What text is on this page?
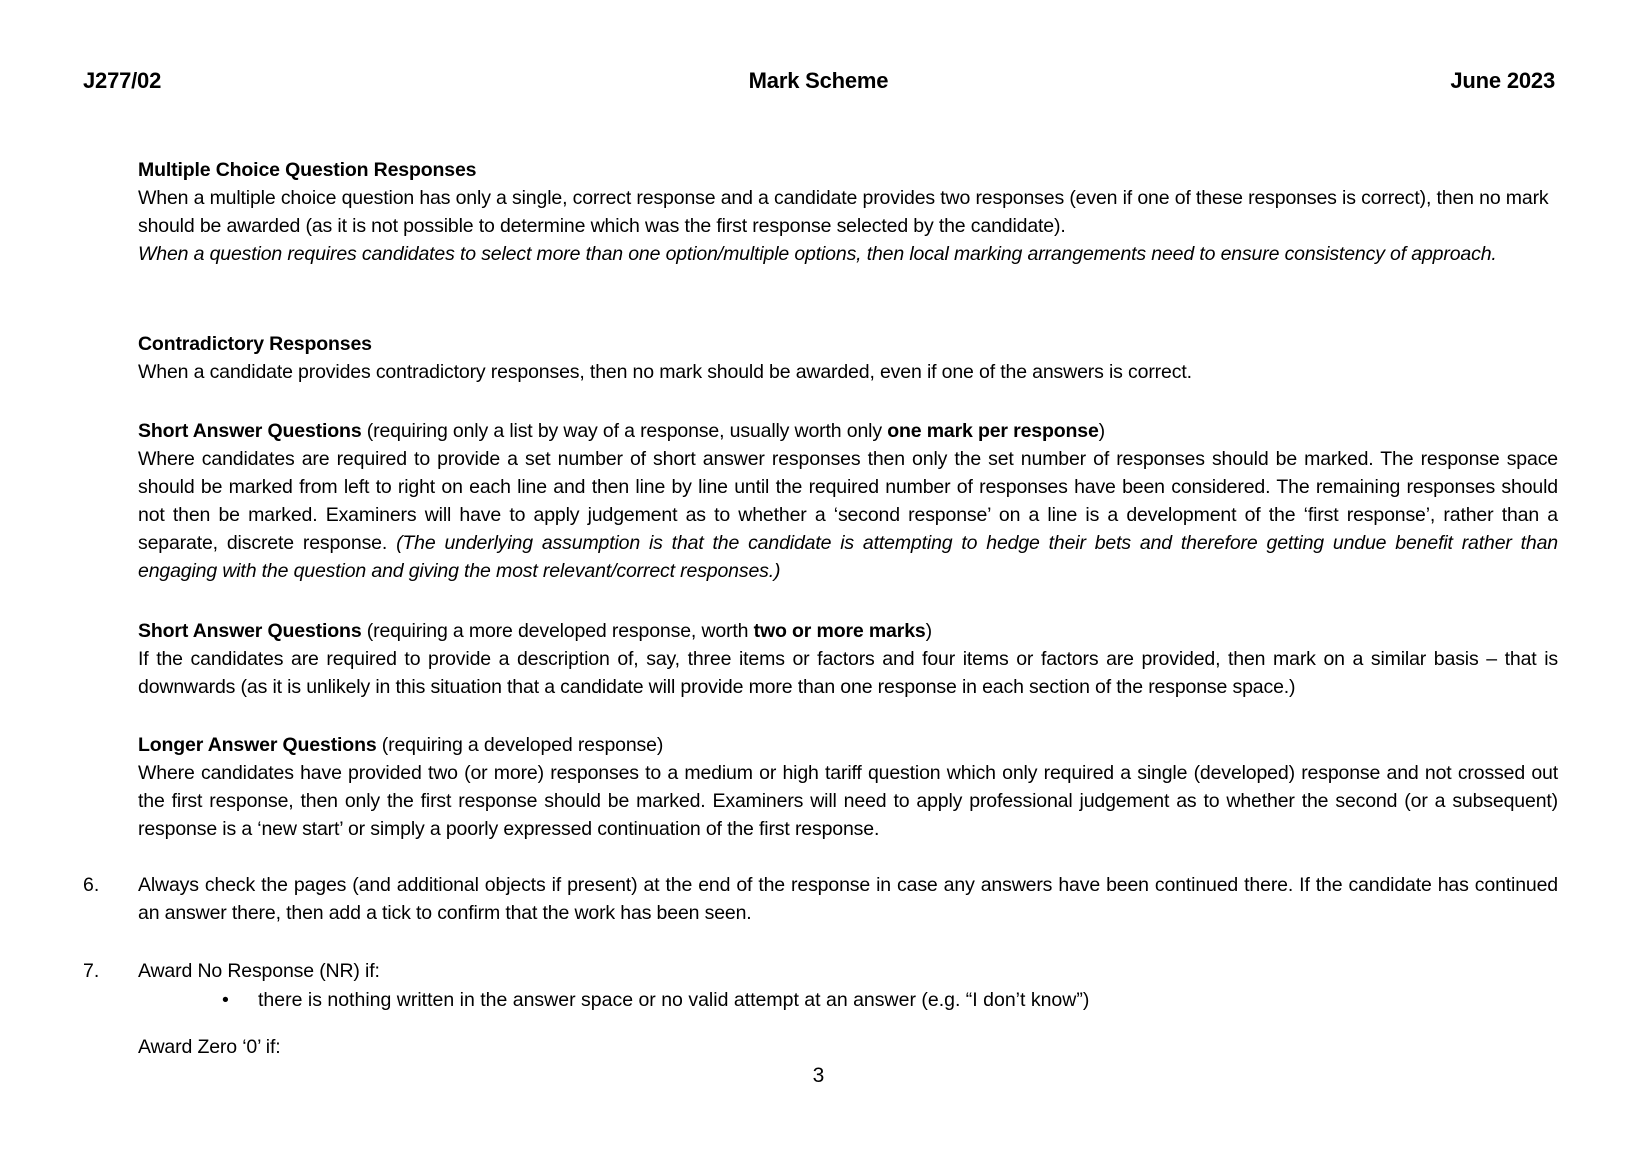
J277/02	Mark Scheme	June 2023

Multiple Choice Question Responses

When a multiple choice question has only a single, correct response and a candidate provides two responses (even if one of these responses is correct), then no mark should be awarded (as it is not possible to determine which was the first response selected by the candidate).

When a question requires candidates to select more than one option/multiple options, then local marking arrangements need to ensure consistency of approach.

Contradictory Responses

When a candidate provides contradictory responses, then no mark should be awarded, even if one of the answers is correct.

Short Answer Questions (requiring only a list by way of a response, usually worth only one mark per response)

Where candidates are required to provide a set number of short answer responses then only the set number of responses should be marked. The response space should be marked from left to right on each line and then line by line until the required number of responses have been considered. The remaining responses should not then be marked. Examiners will have to apply judgement as to whether a ‘second response’ on a line is a development of the ‘first response’, rather than a separate, discrete response. (The underlying assumption is that the candidate is attempting to hedge their bets and therefore getting undue benefit rather than engaging with the question and giving the most relevant/correct responses.)

Short Answer Questions (requiring a more developed response, worth two or more marks)

If the candidates are required to provide a description of, say, three items or factors and four items or factors are provided, then mark on a similar basis – that is downwards (as it is unlikely in this situation that a candidate will provide more than one response in each section of the response space.)

Longer Answer Questions (requiring a developed response)

Where candidates have provided two (or more) responses to a medium or high tariff question which only required a single (developed) response and not crossed out the first response, then only the first response should be marked. Examiners will need to apply professional judgement as to whether the second (or a subsequent) response is a ‘new start’ or simply a poorly expressed continuation of the first response.

6. Always check the pages (and additional objects if present) at the end of the response in case any answers have been continued there. If the candidate has continued an answer there, then add a tick to confirm that the work has been seen.

7. Award No Response (NR) if:

• there is nothing written in the answer space or no valid attempt at an answer (e.g. “I don’t know”)

Award Zero ‘0’ if:

3
